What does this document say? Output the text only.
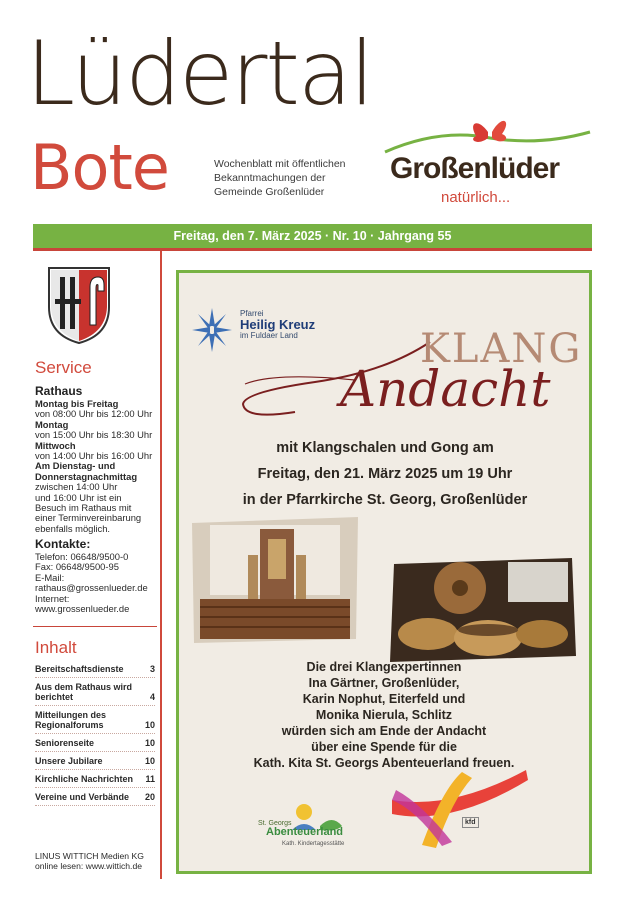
Lüdertal
Bote	Wochenblatt mit öffentlichen
Bekanntmachungen der
Gemeinde Großenlüder
Großenlüder
natürlich...
Freitag, den 7. März 2025 · Nr. 10 · Jahrgang 55
Service
Rathaus
Montag bis Freitag
von 08:00 Uhr bis 12:00 Uhr
Montag
von 15:00 Uhr bis 18:30 Uhr
Mittwoch
von 14:00 Uhr bis 16:00 Uhr
Am Dienstag- und
Donnerstagnachmittag
zwischen 14:00 Uhr
und 16:00 Uhr ist ein
Besuch im Rathaus mit
einer Terminvereinbarung
ebenfalls möglich.
Kontakte:
Telefon: 06648/9500-0
Fax: 06648/9500-95
E-Mail:
rathaus@grossenlueder.de
Internet:
www.grossenlueder.de
Inhalt
Bereitschaftsdienste	3
Aus dem Rathaus wird berichtet	4
Mitteilungen des Regionalforums	10
Seniorenseite	10
Unsere Jubilare	10
Kirchliche Nachrichten	11
Vereine und Verbände	20
LINUS WITTICH Medien KG
online lesen: www.wittich.de
Pfarrei
Heilig Kreuz
im Fuldaer Land	KLANG
Andacht
mit Klangschalen und Gong am
Freitag, den 21. März 2025 um 19 Uhr
in der Pfarrkirche St. Georg, Großenlüder
Die drei Klangexpertinnen
Ina Gärtner, Großenlüder,
Karin Nophut, Eiterfeld und
Monika Nierula, Schlitz
würden sich am Ende der Andacht
über eine Spende für die
Kath. Kita St. Georgs Abenteuerland freuen.
St. Georgs
Abenteuerland
Kath. Kindertagesstätte
kfd
